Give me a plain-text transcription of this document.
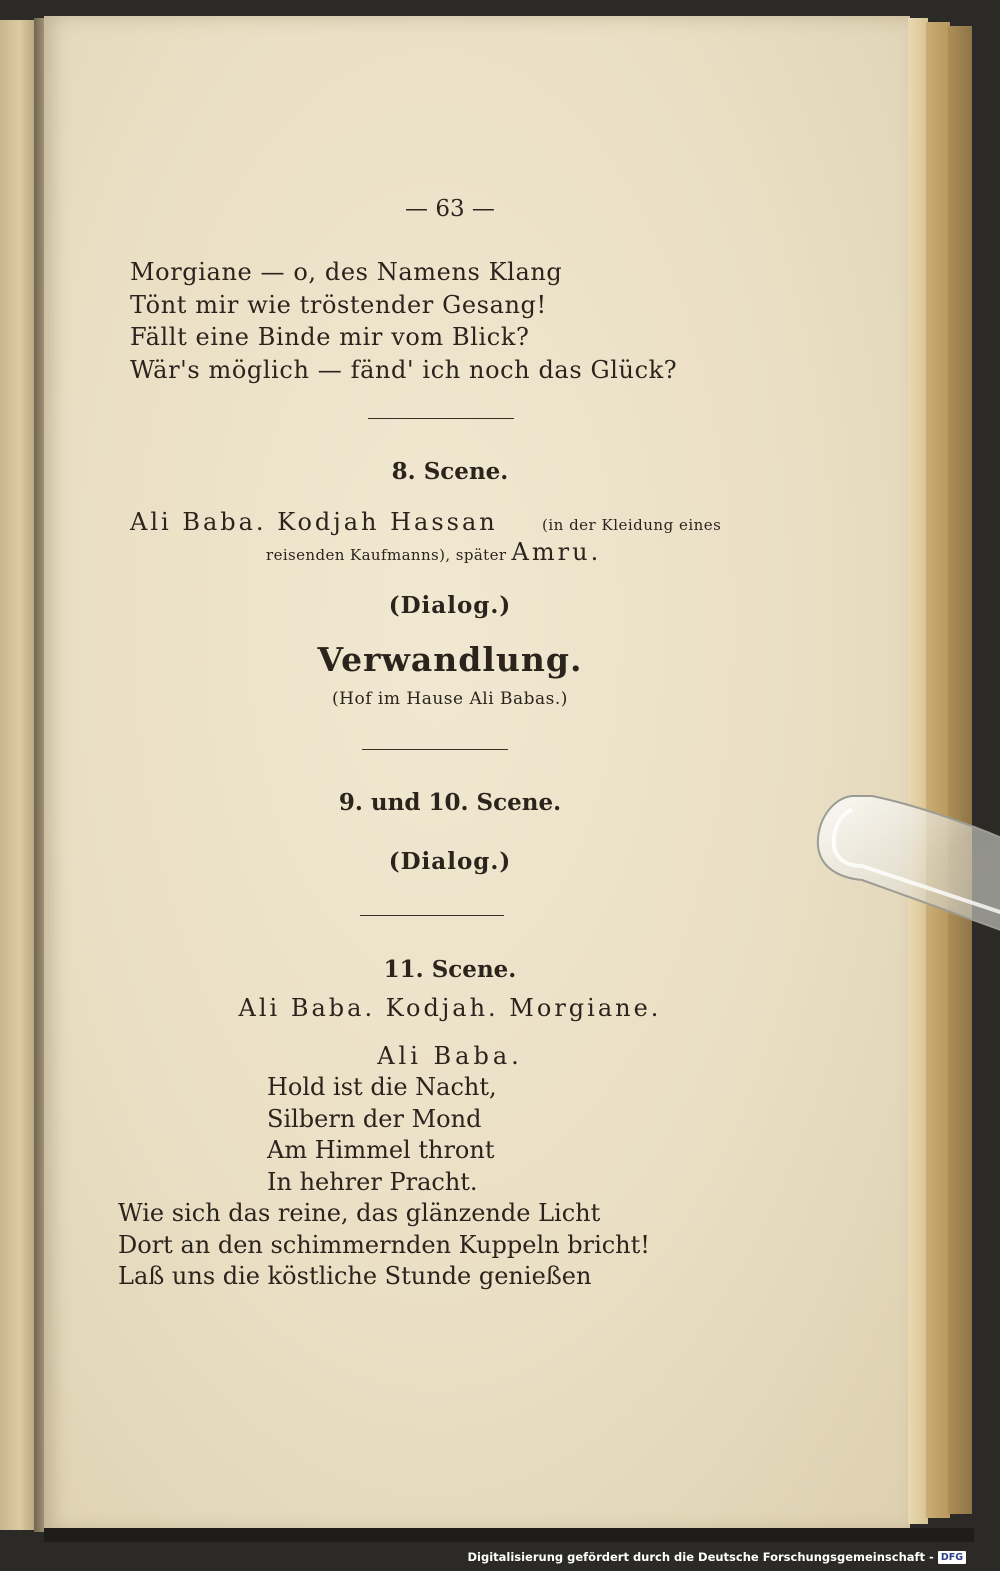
— 63 —
Morgiane — o, des Namens Klang
Tönt mir wie tröstender Gesang!
Fällt eine Binde mir vom Blick?
Wär's möglich — fänd' ich noch das Glück?
8. Scene.
Ali Baba. Kodjah Hassan	(in der Kleidung eines
reisenden Kaufmanns), später Amru.
(Dialog.)
Verwandlung.
(Hof im Hause Ali Babas.)
9. und 10. Scene.
(Dialog.)
11. Scene.
Ali Baba. Kodjah. Morgiane.
Ali Baba.
Hold ist die Nacht,
Silbern der Mond
Am Himmel thront
In hehrer Pracht.
Wie sich das reine, das glänzende Licht
Dort an den schimmernden Kuppeln bricht!
Laß uns die köstliche Stunde genießen
Digitalisierung gefördert durch die Deutsche Forschungsgemeinschaft - DFG
